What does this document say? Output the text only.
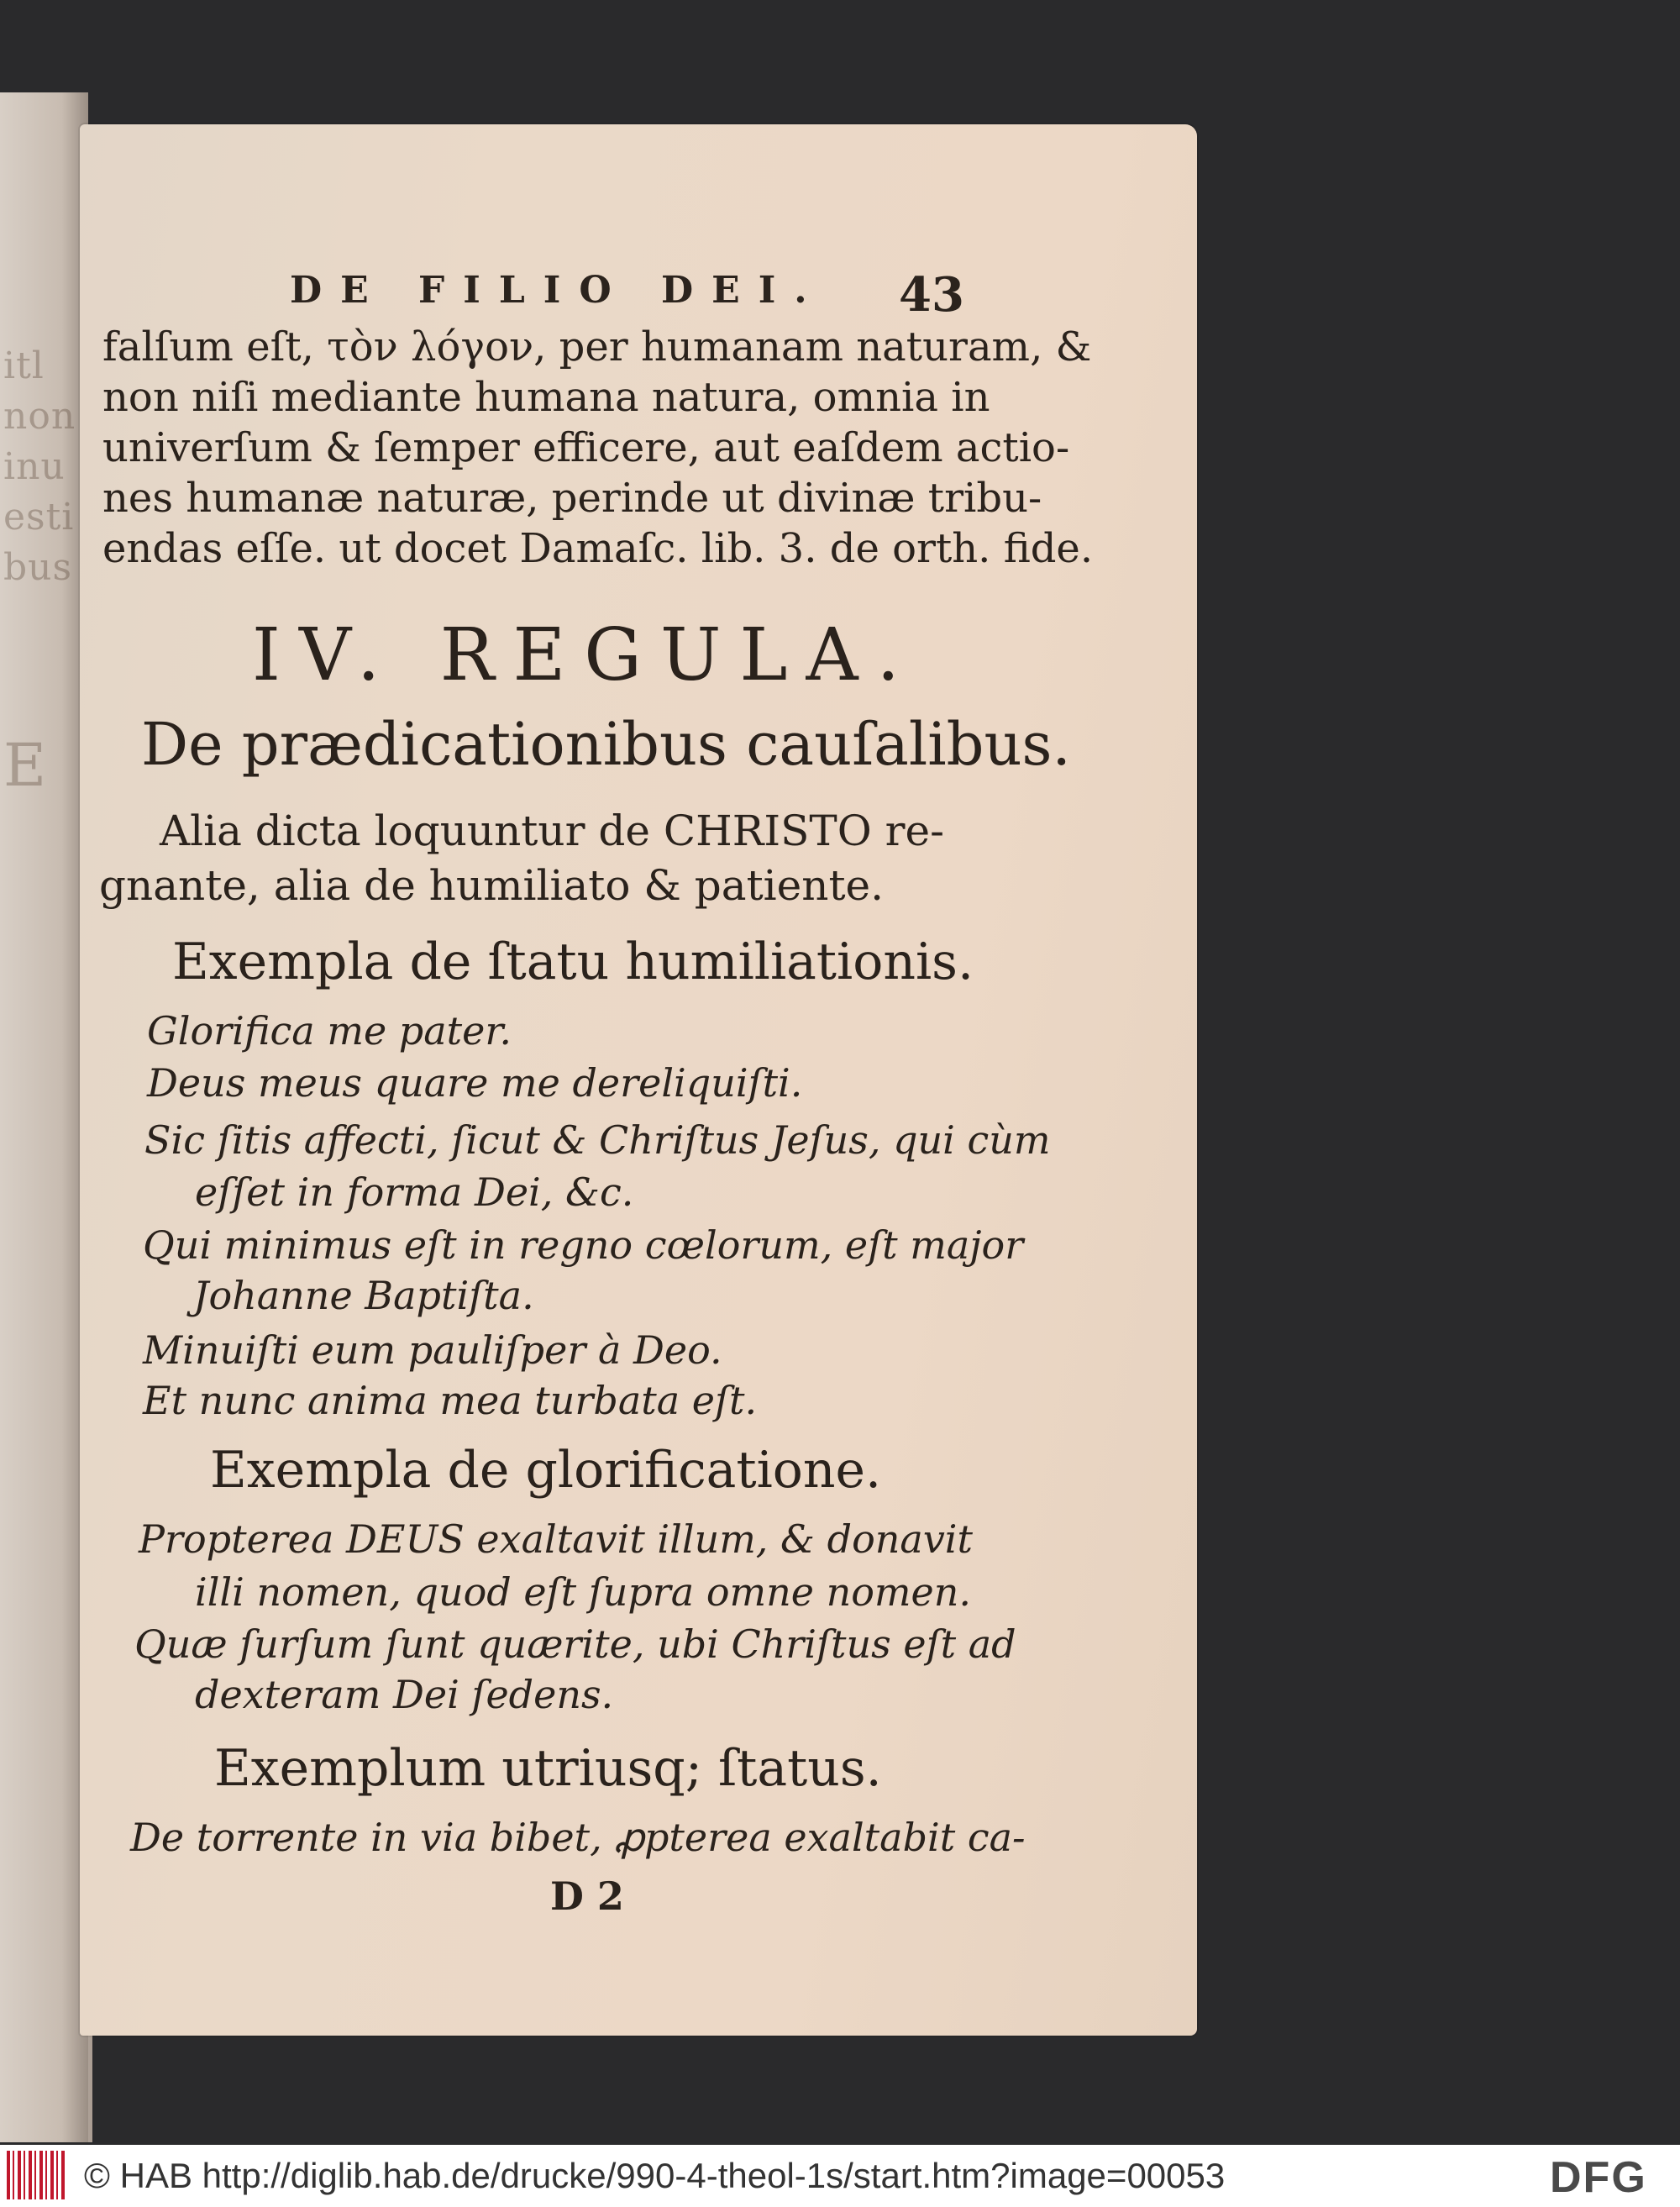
itl
non
inu
esti
bus
E
DE FILIO DEI.	43
falſum eſt, τὸν λόγον, per humanam naturam, &
non niſi mediante humana natura, omnia in
univerſum & ſemper efficere, aut eaſdem actio-
nes humanæ naturæ, perinde ut divinæ tribu-
endas eſſe. ut docet Damaſc. lib. 3. de orth. fide.
IV. REGULA.
De prædicationibus cauſalibus.
Alia dicta loquuntur de CHRISTO re-
gnante, alia de humiliato & patiente.
Exempla de ſtatu humiliationis.
Glorifica me pater.
Deus meus quare me dereliquiſti.
Sic ſitis affecti, ſicut & Chriſtus Jeſus, qui cùm
eſſet in forma Dei, &c.
Qui minimus eſt in regno cœlorum, eſt major
Johanne Baptiſta.
Minuiſti eum pauliſper à Deo.
Et nunc anima mea turbata eſt.
Exempla de glorificatione.
Propterea DEUS exaltavit illum, & donavit
illi nomen, quod eſt ſupra omne nomen.
Quæ ſurſum ſunt quærite, ubi Chriſtus eſt ad
dexteram Dei ſedens.
Exemplum utriusq; ſtatus.
De torrente in via bibet, ꝓpterea exaltabit ca-
D 2
© HAB http://diglib.hab.de/drucke/990-4-theol-1s/start.htm?image=00053	DFG
